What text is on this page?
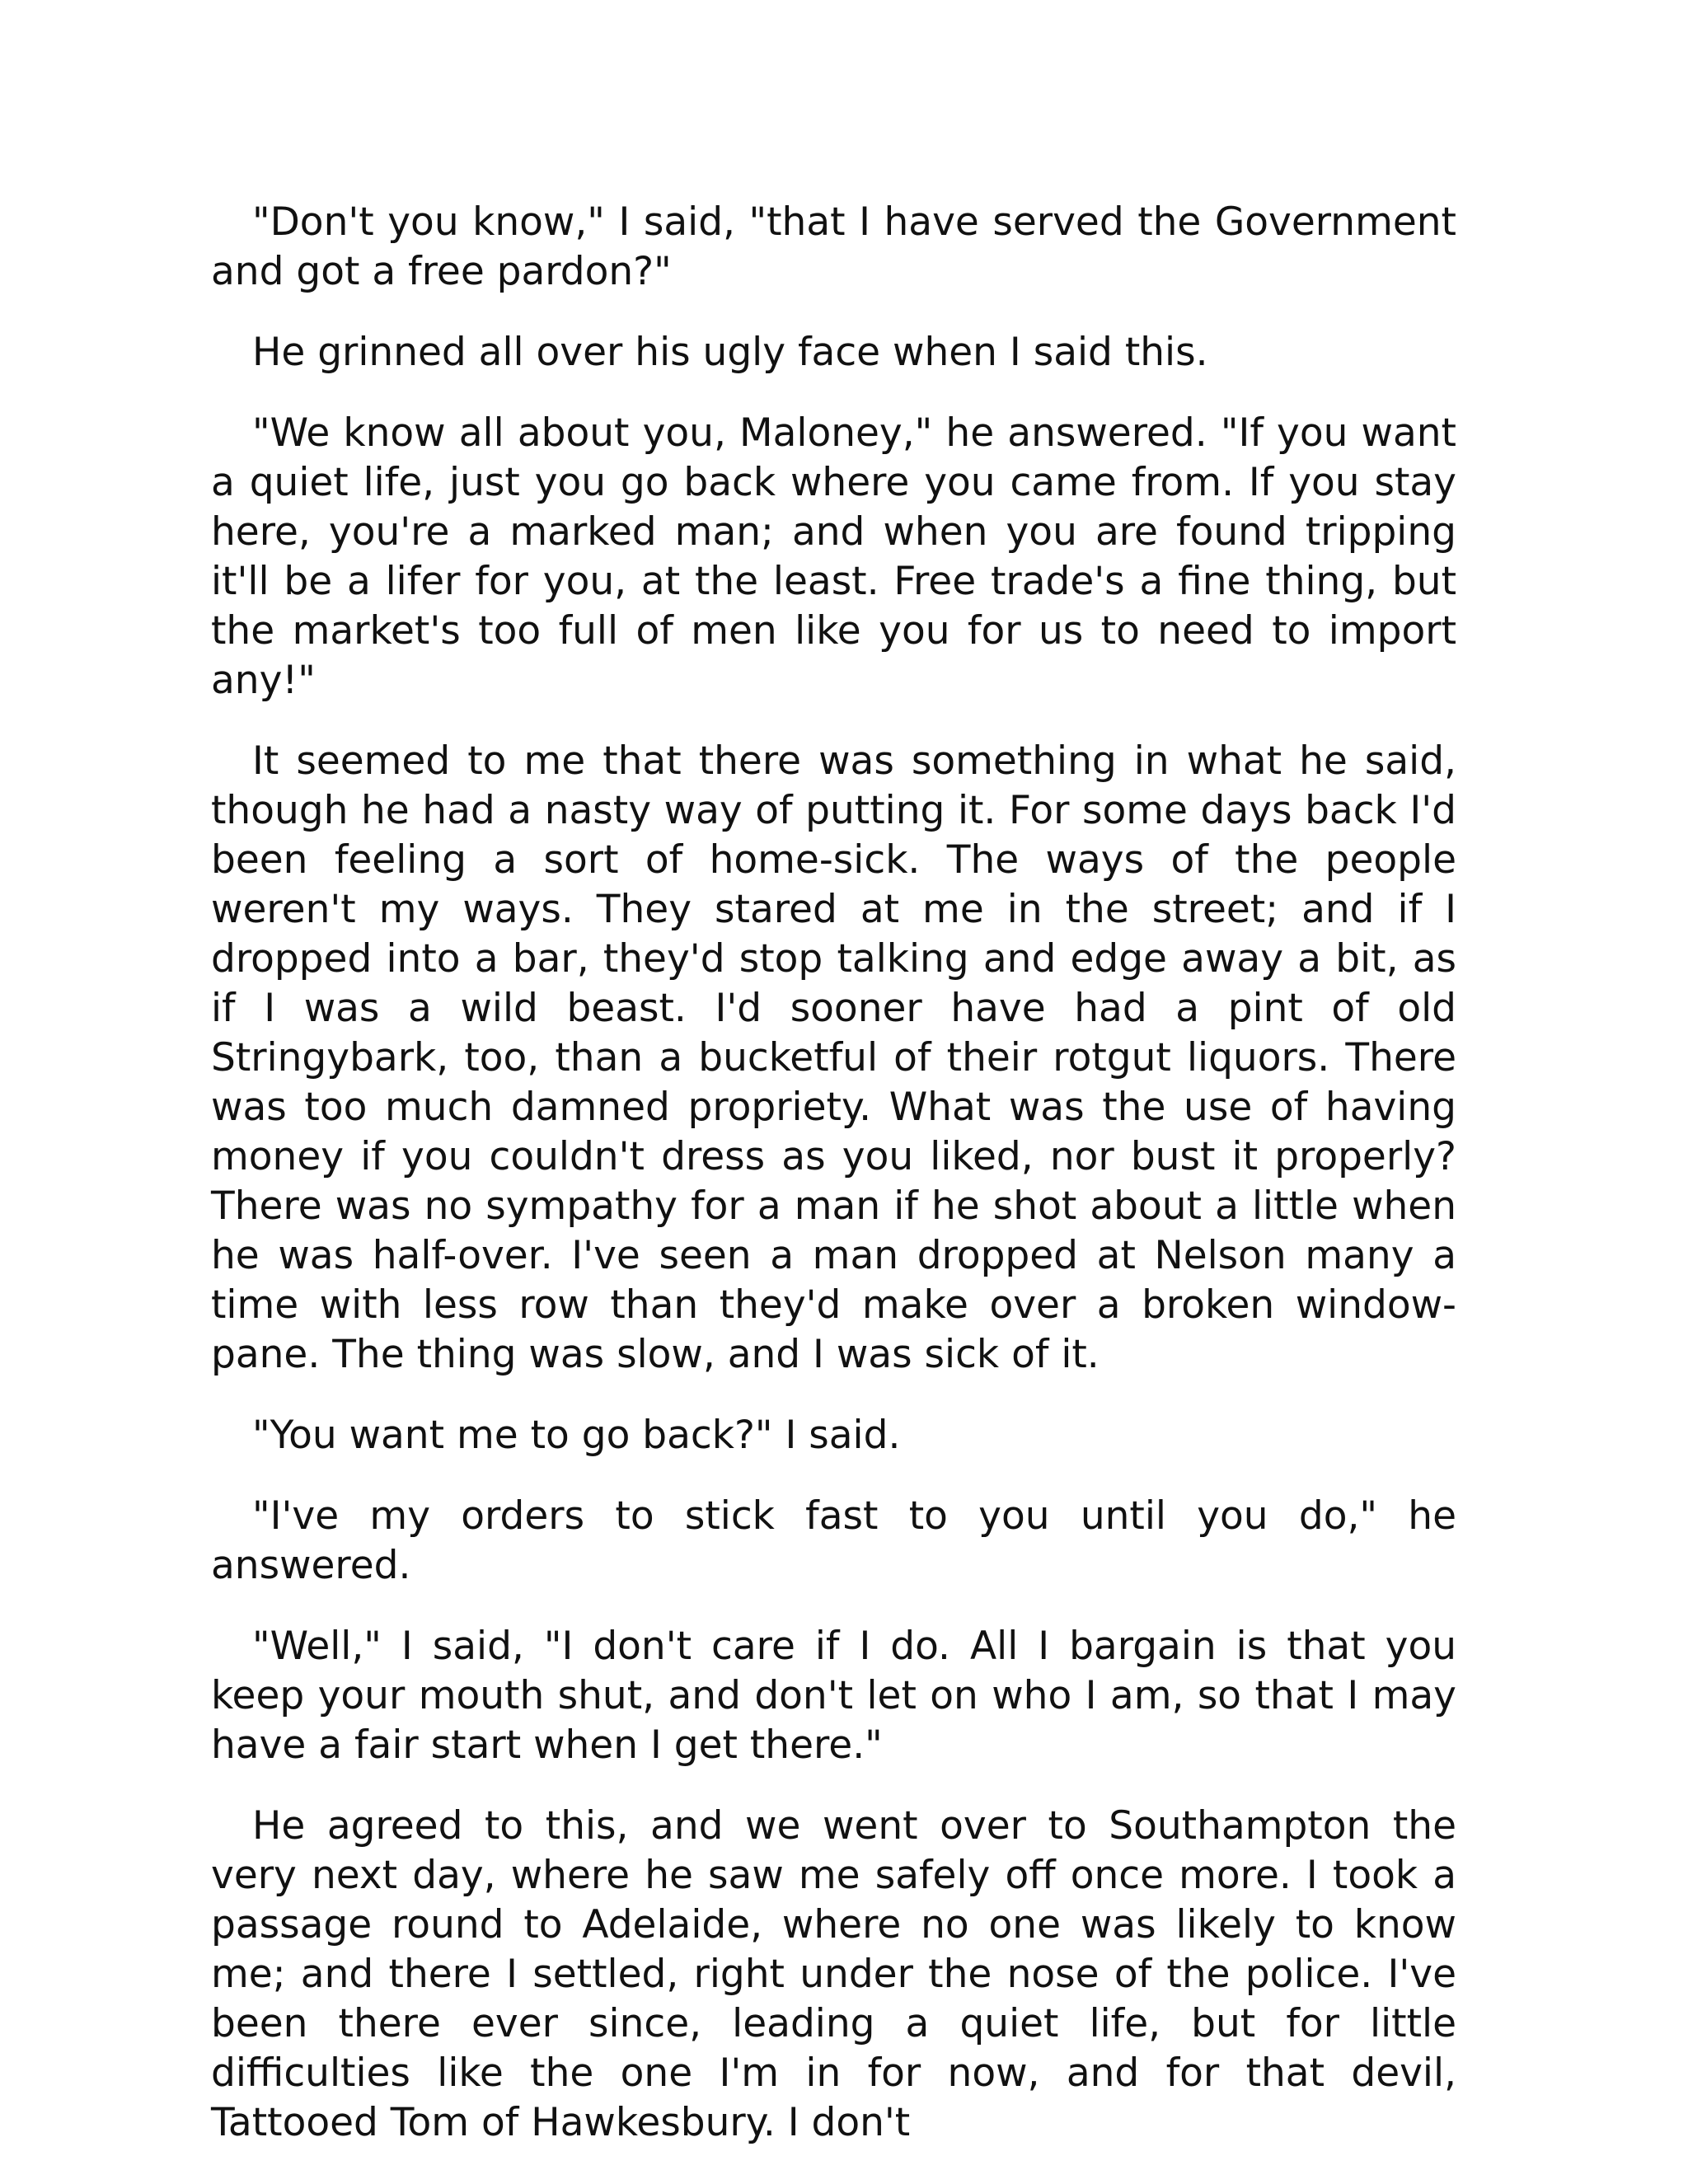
"Don't you know," I said, "that I have served the Government and got a free pardon?"

He grinned all over his ugly face when I said this.

"We know all about you, Maloney," he answered. "If you want a quiet life, just you go back where you came from. If you stay here, you're a marked man; and when you are found tripping it'll be a lifer for you, at the least. Free trade's a fine thing, but the market's too full of men like you for us to need to import any!"

It seemed to me that there was something in what he said, though he had a nasty way of putting it. For some days back I'd been feeling a sort of home-sick. The ways of the people weren't my ways. They stared at me in the street; and if I dropped into a bar, they'd stop talking and edge away a bit, as if I was a wild beast. I'd sooner have had a pint of old Stringybark, too, than a bucketful of their rotgut liquors. There was too much damned propriety. What was the use of having money if you couldn't dress as you liked, nor bust it properly? There was no sympathy for a man if he shot about a little when he was half-over. I've seen a man dropped at Nelson many a time with less row than they'd make over a broken window-pane. The thing was slow, and I was sick of it.

"You want me to go back?" I said.

"I've my orders to stick fast to you until you do," he answered.

"Well," I said, "I don't care if I do. All I bargain is that you keep your mouth shut, and don't let on who I am, so that I may have a fair start when I get there."

He agreed to this, and we went over to Southampton the very next day, where he saw me safely off once more. I took a passage round to Adelaide, where no one was likely to know me; and there I settled, right under the nose of the police. I've been there ever since, leading a quiet life, but for little difficulties like the one I'm in for now, and for that devil, Tattooed Tom of Hawkesbury. I don't
